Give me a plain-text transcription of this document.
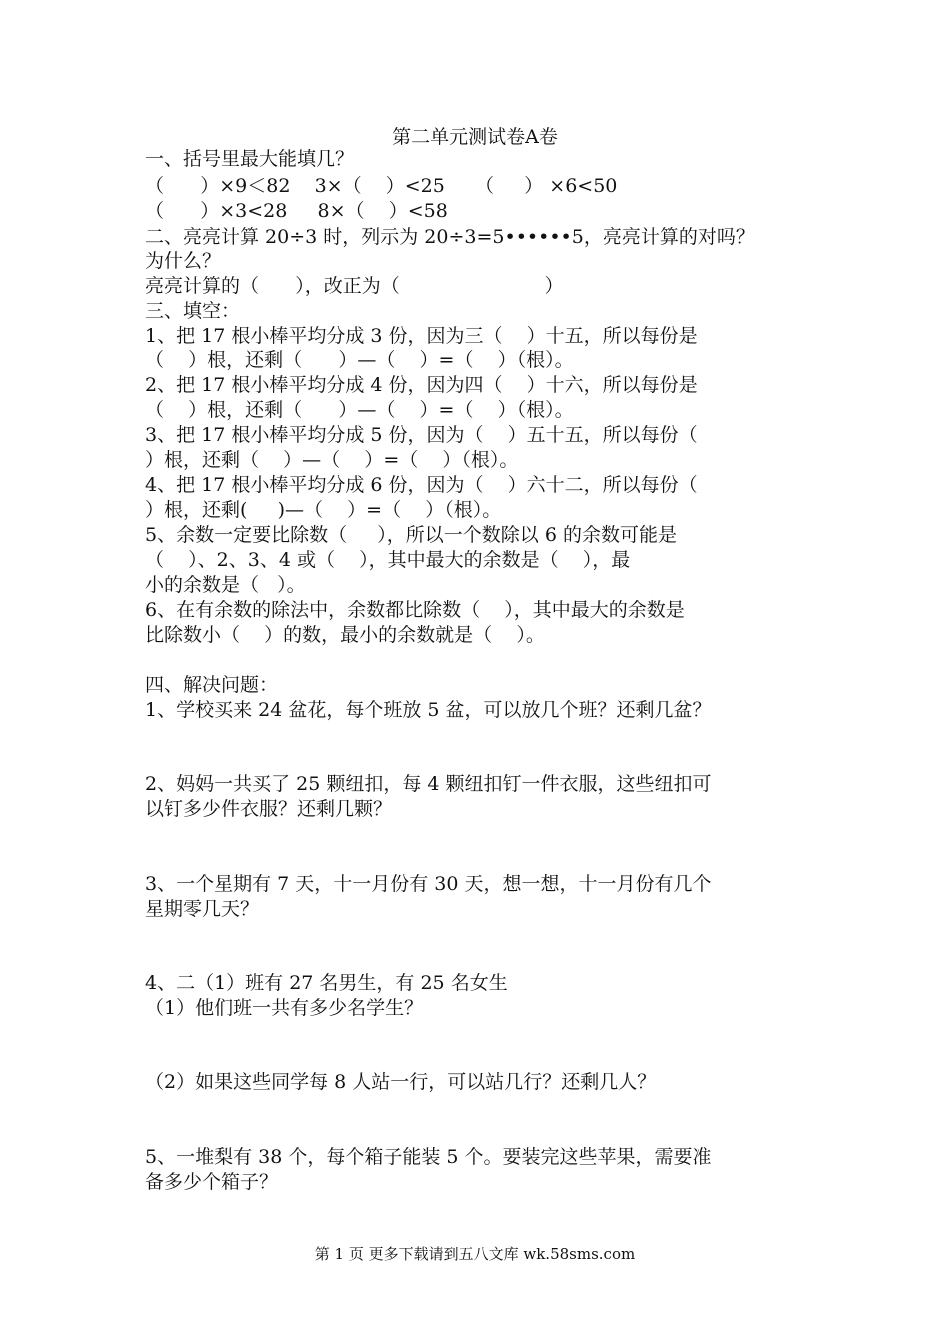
第二单元测试卷A卷
一、括号里最大能填几？
（      ）×9＜82    3×（    ）<25     （     ） ×6<50
（      ）×3<28     8×（    ）<58
二、亮亮计算 20÷3 时，列示为 20÷3=5••••••5，亮亮计算的对吗？
为什么？
亮亮计算的（      ），改正为（                        ）
三、填空：
1、把 17 根小棒平均分成 3 份，因为三（    ）十五，所以每份是
（    ）根，还剩（      ）—（    ）=（    ）（根）。
2、把 17 根小棒平均分成 4 份，因为四（    ）十六，所以每份是
（    ）根，还剩（      ）—（    ）=（    ）（根）。
3、把 17 根小棒平均分成 5 份，因为（    ）五十五，所以每份（
）根，还剩（    ）—（    ）=（    ）（根）。
4、把 17 根小棒平均分成 6 份，因为（    ）六十二，所以每份（
）根，还剩(     )—（    ）=（    ）（根）。
5、余数一定要比除数（     ），所以一个数除以 6 的余数可能是
（    ）、2、3、4 或（    ），其中最大的余数是（    ），最
小的余数是（   ）。
6、在有余数的除法中，余数都比除数（    ），其中最大的余数是
比除数小（    ）的数，最小的余数就是（    ）。
四、解决问题：
1、学校买来 24 盆花，每个班放 5 盆，可以放几个班？还剩几盆？
2、妈妈一共买了 25 颗纽扣，每 4 颗纽扣钉一件衣服，这些纽扣可
以钉多少件衣服？还剩几颗？
3、一个星期有 7 天，十一月份有 30 天，想一想，十一月份有几个
星期零几天？
4、二（1）班有 27 名男生，有 25 名女生
（1）他们班一共有多少名学生？
（2）如果这些同学每 8 人站一行，可以站几行？还剩几人？
5、一堆梨有 38 个，每个箱子能装 5 个。要装完这些苹果，需要准
备多少个箱子？
第 1 页 更多下载请到五八文库 wk.58sms.com
